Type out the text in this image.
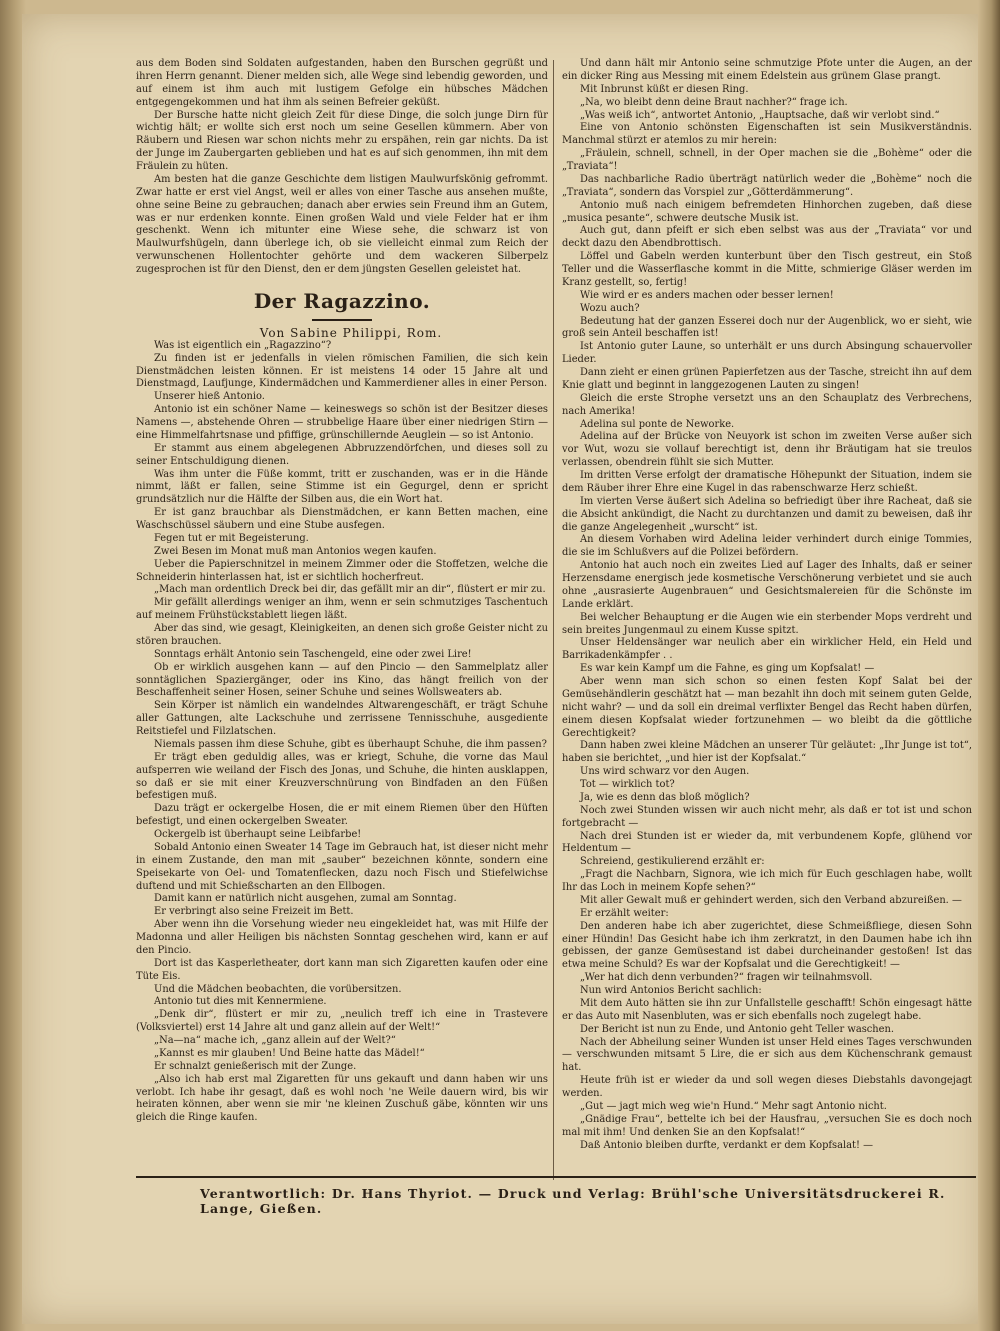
aus dem Boden sind Soldaten aufgestanden, haben den Burschen gegrüßt und ihren Herrn genannt. Diener melden sich, alle Wege sind lebendig geworden, und auf einem ist ihm auch mit lustigem Gefolge ein hübsches Mädchen entgegengekommen und hat ihm als seinen Befreier geküßt.

Der Bursche hatte nicht gleich Zeit für diese Dinge, die solch junge Dirn für wichtig hält; er wollte sich erst noch um seine Gesellen kümmern. Aber von Räubern und Riesen war schon nichts mehr zu erspähen, rein gar nichts. Da ist der Junge im Zaubergarten geblieben und hat es auf sich genommen, ihn mit dem Fräulein zu hüten.

Am besten hat die ganze Geschichte dem listigen Maulwurfskönig gefrommt. Zwar hatte er erst viel Angst, weil er alles von einer Tasche aus ansehen mußte, ohne seine Beine zu gebrauchen; danach aber erwies sein Freund ihm an Gutem, was er nur erdenken konnte. Einen großen Wald und viele Felder hat er ihm geschenkt. Wenn ich mitunter eine Wiese sehe, die schwarz ist von Maulwurfshügeln, dann überlege ich, ob sie vielleicht einmal zum Reich der verwunschenen Hollentochter gehörte und dem wackeren Silberpelz zugesprochen ist für den Dienst, den er dem jüngsten Gesellen geleistet hat.

Der Ragazzino.

Von Sabine Philippi, Rom.

Was ist eigentlich ein „Ragazzino“?

Zu finden ist er jedenfalls in vielen römischen Familien, die sich kein Dienstmädchen leisten können. Er ist meistens 14 oder 15 Jahre alt und Dienstmagd, Laufjunge, Kindermädchen und Kammerdiener alles in einer Person.

Unserer hieß Antonio.

Antonio ist ein schöner Name — keineswegs so schön ist der Besitzer dieses Namens —, abstehende Ohren — strubbelige Haare über einer niedrigen Stirn — eine Himmelfahrtsnase und pfiffige, grünschillernde Aeuglein — so ist Antonio.

Er stammt aus einem abgelegenen Abbruzzendörfchen, und dieses soll zu seiner Entschuldigung dienen.

Was ihm unter die Füße kommt, tritt er zuschanden, was er in die Hände nimmt, läßt er fallen, seine Stimme ist ein Gegurgel, denn er spricht grundsätzlich nur die Hälfte der Silben aus, die ein Wort hat.

Er ist ganz brauchbar als Dienstmädchen, er kann Betten machen, eine Waschschüssel säubern und eine Stube ausfegen.

Fegen tut er mit Begeisterung.

Zwei Besen im Monat muß man Antonios wegen kaufen.

Ueber die Papierschnitzel in meinem Zimmer oder die Stoffetzen, welche die Schneiderin hinterlassen hat, ist er sichtlich hocherfreut.

„Mach man ordentlich Dreck bei dir, das gefällt mir an dir“, flüstert er mir zu.

Mir gefällt allerdings weniger an ihm, wenn er sein schmutziges Taschentuch auf meinem Frühstückstablett liegen läßt.

Aber das sind, wie gesagt, Kleinigkeiten, an denen sich große Geister nicht zu stören brauchen.

Sonntags erhält Antonio sein Taschengeld, eine oder zwei Lire!

Ob er wirklich ausgehen kann — auf den Pincio — den Sammelplatz aller sonntäglichen Spaziergänger, oder ins Kino, das hängt freilich von der Beschaffenheit seiner Hosen, seiner Schuhe und seines Wollsweaters ab.

Sein Körper ist nämlich ein wandelndes Altwarengeschäft, er trägt Schuhe aller Gattungen, alte Lackschuhe und zerrissene Tennisschuhe, ausgediente Reitstiefel und Filzlatschen.

Niemals passen ihm diese Schuhe, gibt es überhaupt Schuhe, die ihm passen?

Er trägt eben geduldig alles, was er kriegt, Schuhe, die vorne das Maul aufsperren wie weiland der Fisch des Jonas, und Schuhe, die hinten ausklappen, so daß er sie mit einer Kreuzverschnürung von Bindfaden an den Füßen befestigen muß.

Dazu trägt er ockergelbe Hosen, die er mit einem Riemen über den Hüften befestigt, und einen ockergelben Sweater.

Ockergelb ist überhaupt seine Leibfarbe!

Sobald Antonio einen Sweater 14 Tage im Gebrauch hat, ist dieser nicht mehr in einem Zustande, den man mit „sauber“ bezeichnen könnte, sondern eine Speisekarte von Oel- und Tomatenflecken, dazu noch Fisch und Stiefelwichse duftend und mit Schießscharten an den Ellbogen.

Damit kann er natürlich nicht ausgehen, zumal am Sonntag.

Er verbringt also seine Freizeit im Bett.

Aber wenn ihn die Vorsehung wieder neu eingekleidet hat, was mit Hilfe der Madonna und aller Heiligen bis nächsten Sonntag geschehen wird, kann er auf den Pincio.

Dort ist das Kasperletheater, dort kann man sich Zigaretten kaufen oder eine Tüte Eis.

Und die Mädchen beobachten, die vorübersitzen.

Antonio tut dies mit Kennermiene.

„Denk dir“, flüstert er mir zu, „neulich treff ich eine in Trastevere (Volksviertel) erst 14 Jahre alt und ganz allein auf der Welt!“

„Na—na“ mache ich, „ganz allein auf der Welt?“

„Kannst es mir glauben! Und Beine hatte das Mädel!“

Er schnalzt genießerisch mit der Zunge.

„Also ich hab erst mal Zigaretten für uns gekauft und dann haben wir uns verlobt. Ich habe ihr gesagt, daß es wohl noch 'ne Weile dauern wird, bis wir heiraten können, aber wenn sie mir 'ne kleinen Zuschuß gäbe, könnten wir uns gleich die Ringe kaufen.

Und dann hält mir Antonio seine schmutzige Pfote unter die Augen, an der ein dicker Ring aus Messing mit einem Edelstein aus grünem Glase prangt.

Mit Inbrunst küßt er diesen Ring.

„Na, wo bleibt denn deine Braut nachher?“ frage ich.

„Was weiß ich“, antwortet Antonio, „Hauptsache, daß wir verlobt sind.“

Eine von Antonio schönsten Eigenschaften ist sein Musikverständnis. Manchmal stürzt er atemlos zu mir herein:

„Fräulein, schnell, schnell, in der Oper machen sie die „Bohème“ oder die „Traviata“!

Das nachbarliche Radio überträgt natürlich weder die „Bohème“ noch die „Traviata“, sondern das Vorspiel zur „Götterdämmerung“.

Antonio muß nach einigem befremdeten Hinhorchen zugeben, daß diese „musica pesante“, schwere deutsche Musik ist.

Auch gut, dann pfeift er sich eben selbst was aus der „Traviata“ vor und deckt dazu den Abendbrottisch.

Löffel und Gabeln werden kunterbunt über den Tisch gestreut, ein Stoß Teller und die Wasserflasche kommt in die Mitte, schmierige Gläser werden im Kranz gestellt, so, fertig!

Wie wird er es anders machen oder besser lernen!

Wozu auch?

Bedeutung hat der ganzen Esserei doch nur der Augenblick, wo er sieht, wie groß sein Anteil beschaffen ist!

Ist Antonio guter Laune, so unterhält er uns durch Absingung schauervoller Lieder.

Dann zieht er einen grünen Papierfetzen aus der Tasche, streicht ihn auf dem Knie glatt und beginnt in langgezogenen Lauten zu singen!

Gleich die erste Strophe versetzt uns an den Schauplatz des Verbrechens, nach Amerika!

Adelina sul ponte de Neworke.

Adelina auf der Brücke von Neuyork ist schon im zweiten Verse außer sich vor Wut, wozu sie vollauf berechtigt ist, denn ihr Bräutigam hat sie treulos verlassen, obendrein fühlt sie sich Mutter.

Im dritten Verse erfolgt der dramatische Höhepunkt der Situation, indem sie dem Räuber ihrer Ehre eine Kugel in das rabenschwarze Herz schießt.

Im vierten Verse äußert sich Adelina so befriedigt über ihre Racheat, daß sie die Absicht ankündigt, die Nacht zu durchtanzen und damit zu beweisen, daß ihr die ganze Angelegenheit „wurscht“ ist.

An diesem Vorhaben wird Adelina leider verhindert durch einige Tommies, die sie im Schlußvers auf die Polizei befördern.

Antonio hat auch noch ein zweites Lied auf Lager des Inhalts, daß er seiner Herzensdame energisch jede kosmetische Verschönerung verbietet und sie auch ohne „ausrasierte Augenbrauen“ und Gesichtsmalereien für die Schönste im Lande erklärt.

Bei welcher Behauptung er die Augen wie ein sterbender Mops verdreht und sein breites Jungenmaul zu einem Kusse spitzt.

Unser Heldensänger war neulich aber ein wirklicher Held, ein Held und Barrikadenkämpfer . .

Es war kein Kampf um die Fahne, es ging um Kopfsalat! —

Aber wenn man sich schon so einen festen Kopf Salat bei der Gemüsehändlerin geschätzt hat — man bezahlt ihn doch mit seinem guten Gelde, nicht wahr? — und da soll ein dreimal verflixter Bengel das Recht haben dürfen, einem diesen Kopfsalat wieder fortzunehmen — wo bleibt da die göttliche Gerechtigkeit?

Dann haben zwei kleine Mädchen an unserer Tür geläutet: „Ihr Junge ist tot“, haben sie berichtet, „und hier ist der Kopfsalat.“

Uns wird schwarz vor den Augen.

Tot — wirklich tot?

Ja, wie es denn das bloß möglich?

Noch zwei Stunden wissen wir auch nicht mehr, als daß er tot ist und schon fortgebracht —

Nach drei Stunden ist er wieder da, mit verbundenem Kopfe, glühend vor Heldentum —

Schreiend, gestikulierend erzählt er:

„Fragt die Nachbarn, Signora, wie ich mich für Euch geschlagen habe, wollt Ihr das Loch in meinem Kopfe sehen?“

Mit aller Gewalt muß er gehindert werden, sich den Verband abzureißen. —

Er erzählt weiter:

Den anderen habe ich aber zugerichtet, diese Schmeißfliege, diesen Sohn einer Hündin! Das Gesicht habe ich ihm zerkratzt, in den Daumen habe ich ihn gebissen, der ganze Gemüsestand ist dabei durcheinander gestoßen! Ist das etwa meine Schuld? Es war der Kopfsalat und die Gerechtigkeit! —

„Wer hat dich denn verbunden?“ fragen wir teilnahmsvoll.

Nun wird Antonios Bericht sachlich:

Mit dem Auto hätten sie ihn zur Unfallstelle geschafft! Schön eingesagt hätte er das Auto mit Nasenbluten, was er sich ebenfalls noch zugelegt habe.

Der Bericht ist nun zu Ende, und Antonio geht Teller waschen.

Nach der Abheilung seiner Wunden ist unser Held eines Tages verschwunden — verschwunden mitsamt 5 Lire, die er sich aus dem Küchenschrank gemaust hat.

Heute früh ist er wieder da und soll wegen dieses Diebstahls davongejagt werden.

„Gut — jagt mich weg wie'n Hund.“ Mehr sagt Antonio nicht.

„Gnädige Frau“, bettelte ich bei der Hausfrau, „versuchen Sie es doch noch mal mit ihm! Und denken Sie an den Kopfsalat!“

Daß Antonio bleiben durfte, verdankt er dem Kopfsalat! —

Verantwortlich: Dr. Hans Thyriot. — Druck und Verlag: Brühl'sche Universitätsdruckerei R. Lange, Gießen.
